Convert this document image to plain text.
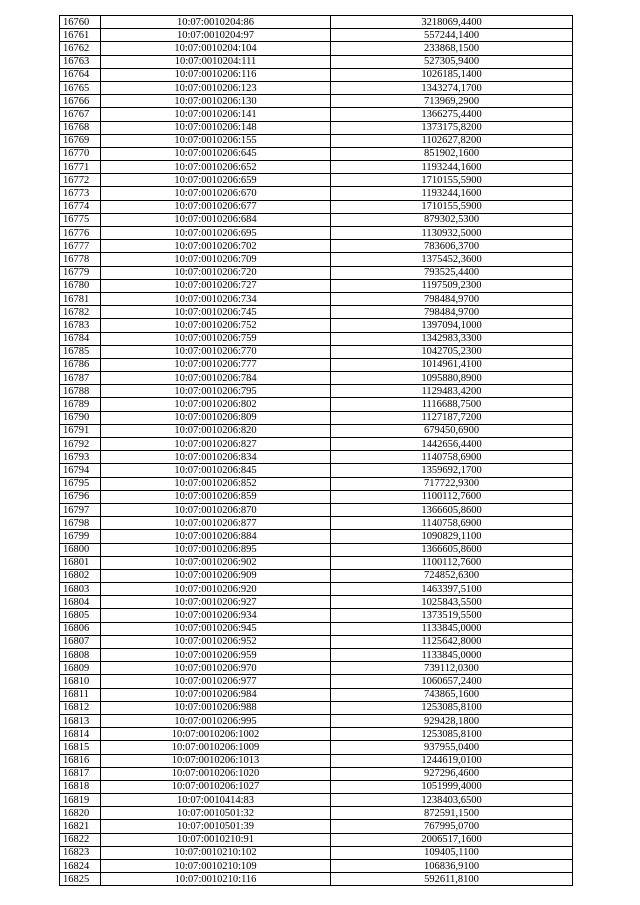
16760	10:07:0010204:86	3218069,4400
16761	10:07:0010204:97	557244,1400
16762	10:07:0010204:104	233868,1500
16763	10:07:0010204:111	527305,9400
16764	10:07:0010206:116	1026185,1400
16765	10:07:0010206:123	1343274,1700
16766	10:07:0010206:130	713969,2900
16767	10:07:0010206:141	1366275,4400
16768	10:07:0010206:148	1373175,8200
16769	10:07:0010206:155	1102627,8200
16770	10:07:0010206:645	851902,1600
16771	10:07:0010206:652	1193244,1600
16772	10:07:0010206:659	1710155,5900
16773	10:07:0010206:670	1193244,1600
16774	10:07:0010206:677	1710155,5900
16775	10:07:0010206:684	879302,5300
16776	10:07:0010206:695	1130932,5000
16777	10:07:0010206:702	783606,3700
16778	10:07:0010206:709	1375452,3600
16779	10:07:0010206:720	793525,4400
16780	10:07:0010206:727	1197509,2300
16781	10:07:0010206:734	798484,9700
16782	10:07:0010206:745	798484,9700
16783	10:07:0010206:752	1397094,1000
16784	10:07:0010206:759	1342983,3300
16785	10:07:0010206:770	1042705,2300
16786	10:07:0010206:777	1014961,4100
16787	10:07:0010206:784	1095880,8900
16788	10:07:0010206:795	1129483,4200
16789	10:07:0010206:802	1116688,7500
16790	10:07:0010206:809	1127187,7200
16791	10:07:0010206:820	679450,6900
16792	10:07:0010206:827	1442656,4400
16793	10:07:0010206:834	1140758,6900
16794	10:07:0010206:845	1359692,1700
16795	10:07:0010206:852	717722,9300
16796	10:07:0010206:859	1100112,7600
16797	10:07:0010206:870	1366605,8600
16798	10:07:0010206:877	1140758,6900
16799	10:07:0010206:884	1090829,1100
16800	10:07:0010206:895	1366605,8600
16801	10:07:0010206:902	1100112,7600
16802	10:07:0010206:909	724852,6300
16803	10:07:0010206:920	1463397,5100
16804	10:07:0010206:927	1025843,5500
16805	10:07:0010206:934	1373519,5500
16806	10:07:0010206:945	1133845,0000
16807	10:07:0010206:952	1125642,8000
16808	10:07:0010206:959	1133845,0000
16809	10:07:0010206:970	739112,0300
16810	10:07:0010206:977	1060657,2400
16811	10:07:0010206:984	743865,1600
16812	10:07:0010206:988	1253085,8100
16813	10:07:0010206:995	929428,1800
16814	10:07:0010206:1002	1253085,8100
16815	10:07:0010206:1009	937955,0400
16816	10:07:0010206:1013	1244619,0100
16817	10:07:0010206:1020	927296,4600
16818	10:07:0010206:1027	1051999,4000
16819	10:07:0010414:83	1238403,6500
16820	10:07:0010501:32	872591,1500
16821	10:07:0010501:39	767995,0700
16822	10:07:0010210:91	2006517,1600
16823	10:07:0010210:102	109405,1100
16824	10:07:0010210:109	106836,9100
16825	10:07:0010210:116	592611,8100
